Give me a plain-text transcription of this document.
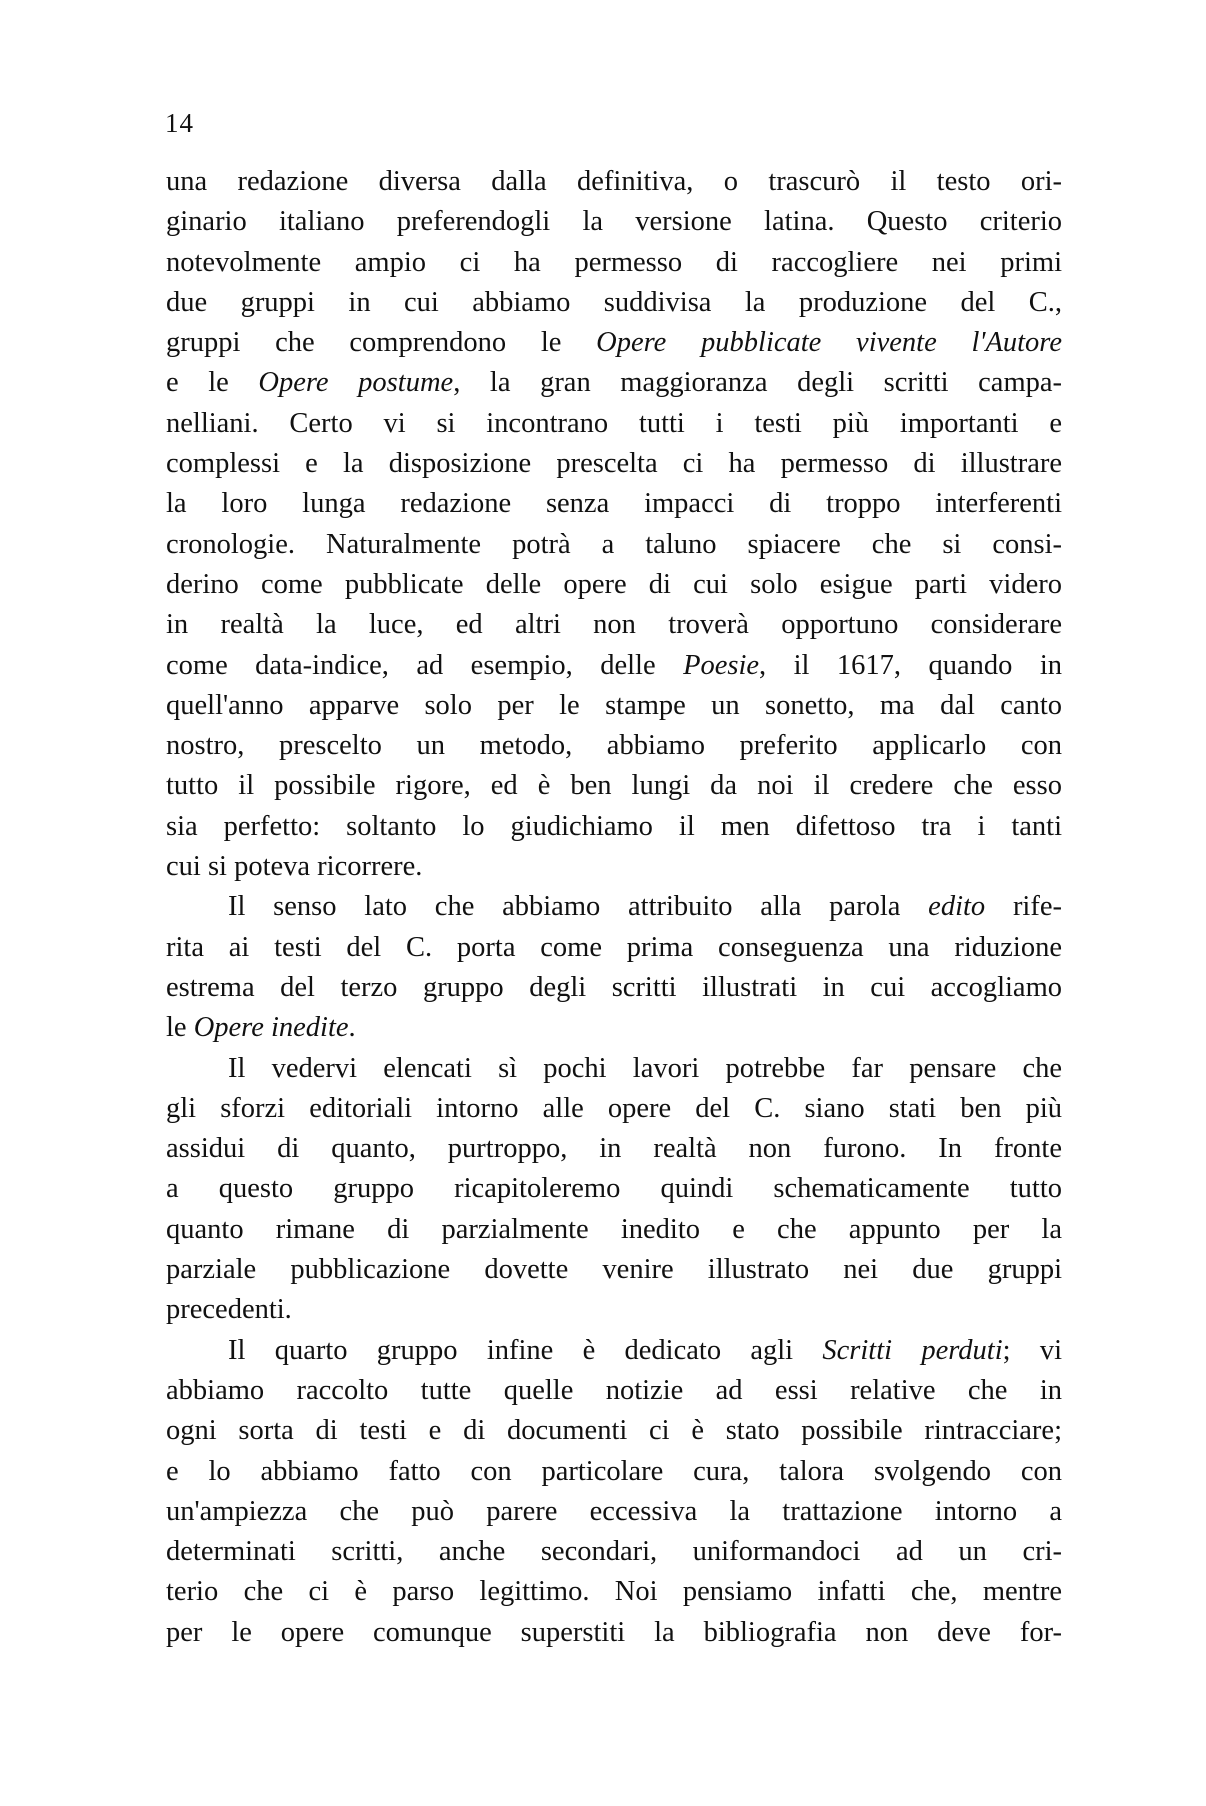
14
una redazione diversa dalla definitiva, o trascurò il testo ori-
ginario italiano preferendogli la versione latina. Questo criterio
notevolmente ampio ci ha permesso di raccogliere nei primi
due gruppi in cui abbiamo suddivisa la produzione del C.,
gruppi che comprendono le Opere pubblicate vivente l'Autore
e le Opere postume, la gran maggioranza degli scritti campa-
nelliani. Certo vi si incontrano tutti i testi più importanti e
complessi e la disposizione prescelta ci ha permesso di illustrare
la loro lunga redazione senza impacci di troppo interferenti
cronologie. Naturalmente potrà a taluno spiacere che si consi-
derino come pubblicate delle opere di cui solo esigue parti videro
in realtà la luce, ed altri non troverà opportuno considerare
come data-indice, ad esempio, delle Poesie, il 1617, quando in
quell'anno apparve solo per le stampe un sonetto, ma dal canto
nostro, prescelto un metodo, abbiamo preferito applicarlo con
tutto il possibile rigore, ed è ben lungi da noi il credere che esso
sia perfetto: soltanto lo giudichiamo il men difettoso tra i tanti
cui si poteva ricorrere.
Il senso lato che abbiamo attribuito alla parola edito rife-
rita ai testi del C. porta come prima conseguenza una riduzione
estrema del terzo gruppo degli scritti illustrati in cui accogliamo
le Opere inedite.
Il vedervi elencati sì pochi lavori potrebbe far pensare che
gli sforzi editoriali intorno alle opere del C. siano stati ben più
assidui di quanto, purtroppo, in realtà non furono. In fronte
a questo gruppo ricapitoleremo quindi schematicamente tutto
quanto rimane di parzialmente inedito e che appunto per la
parziale pubblicazione dovette venire illustrato nei due gruppi
precedenti.
Il quarto gruppo infine è dedicato agli Scritti perduti; vi
abbiamo raccolto tutte quelle notizie ad essi relative che in
ogni sorta di testi e di documenti ci è stato possibile rintracciare;
e lo abbiamo fatto con particolare cura, talora svolgendo con
un'ampiezza che può parere eccessiva la trattazione intorno a
determinati scritti, anche secondari, uniformandoci ad un cri-
terio che ci è parso legittimo. Noi pensiamo infatti che, mentre
per le opere comunque superstiti la bibliografia non deve for-
